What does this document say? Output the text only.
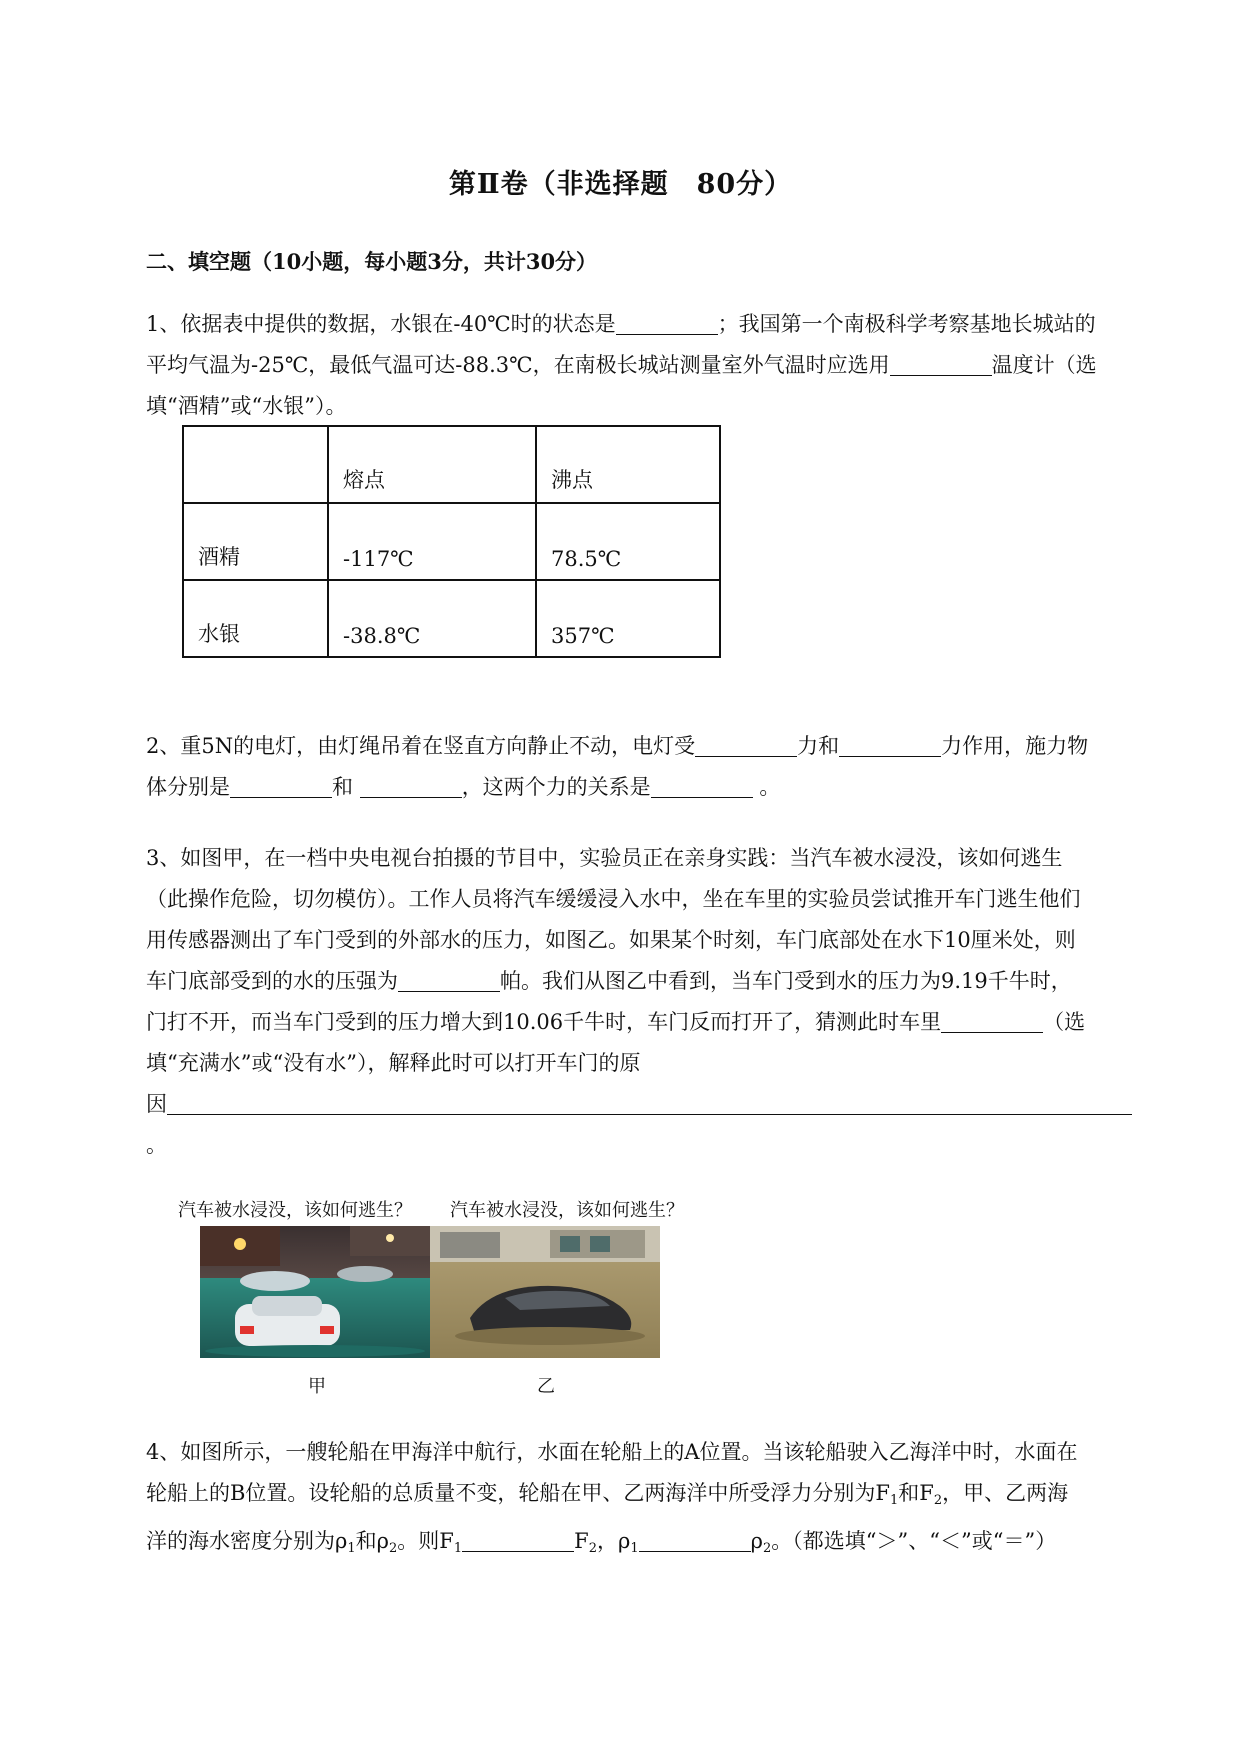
第Ⅱ卷（非选择题　80分）
二、填空题（10小题，每小题3分，共计30分）
1、依据表中提供的数据，水银在-40℃时的状态是	；我国第一个南极科学考察基地长城站的
平均气温为-25℃，最低气温可达-88.3℃，在南极长城站测量室外气温时应选用	温度计（选
填“酒精”或“水银”）。
	熔点	沸点
酒精	-117℃	78.5℃
水银	-38.8℃	357℃
2、重5N的电灯，由灯绳吊着在竖直方向静止不动，电灯受	力和	力作用，施力物
体分别是	和	，这两个力的关系是	。
3、如图甲，在一档中央电视台拍摄的节目中，实验员正在亲身实践：当汽车被水浸没，该如何逃生
（此操作危险，切勿模仿）。工作人员将汽车缓缓浸入水中，坐在车里的实验员尝试推开车门逃生他们
用传感器测出了车门受到的外部水的压力，如图乙。如果某个时刻，车门底部处在水下10厘米处，则
车门底部受到的水的压强为	帕。我们从图乙中看到，当车门受到水的压力为9.19千牛时，
门打不开，而当车门受到的压力增大到10.06千牛时，车门反而打开了，猜测此时车里	（选
填“充满水”或“没有水”），解释此时可以打开车门的原
因
。
汽车被水浸没，该如何逃生？ 汽车被水浸没，该如何逃生？
甲	乙
4、如图所示，一艘轮船在甲海洋中航行，水面在轮船上的A位置。当该轮船驶入乙海洋中时，水面在
轮船上的B位置。设轮船的总质量不变，轮船在甲、乙两海洋中所受浮力分别为$F_1$和$F_2$，甲、乙两海
洋的海水密度分别为$\rho_1$和$\rho_2$。则$F_1$	$F_2$，$\rho_1$	$\rho_2$。（都选填“＞”、“＜”或“＝”）
